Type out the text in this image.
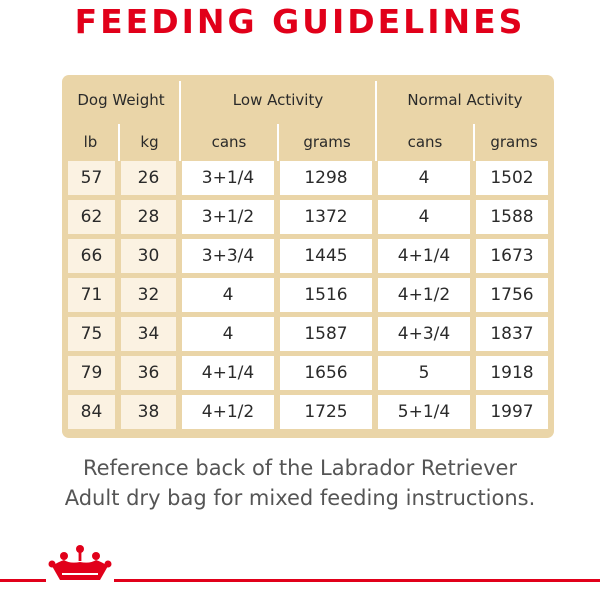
FEEDING GUIDELINES
Dog Weight	Low Activity	Normal Activity
lb	kg	cans	grams	cans	grams
57	26	3+1/4	1298	4	1502
62	28	3+1/2	1372	4	1588
66	30	3+3/4	1445	4+1/4	1673
71	32	4	1516	4+1/2	1756
75	34	4	1587	4+3/4	1837
79	36	4+1/4	1656	5	1918
84	38	4+1/2	1725	5+1/4	1997
Reference back of the Labrador Retriever
Adult dry bag for mixed feeding instructions.
